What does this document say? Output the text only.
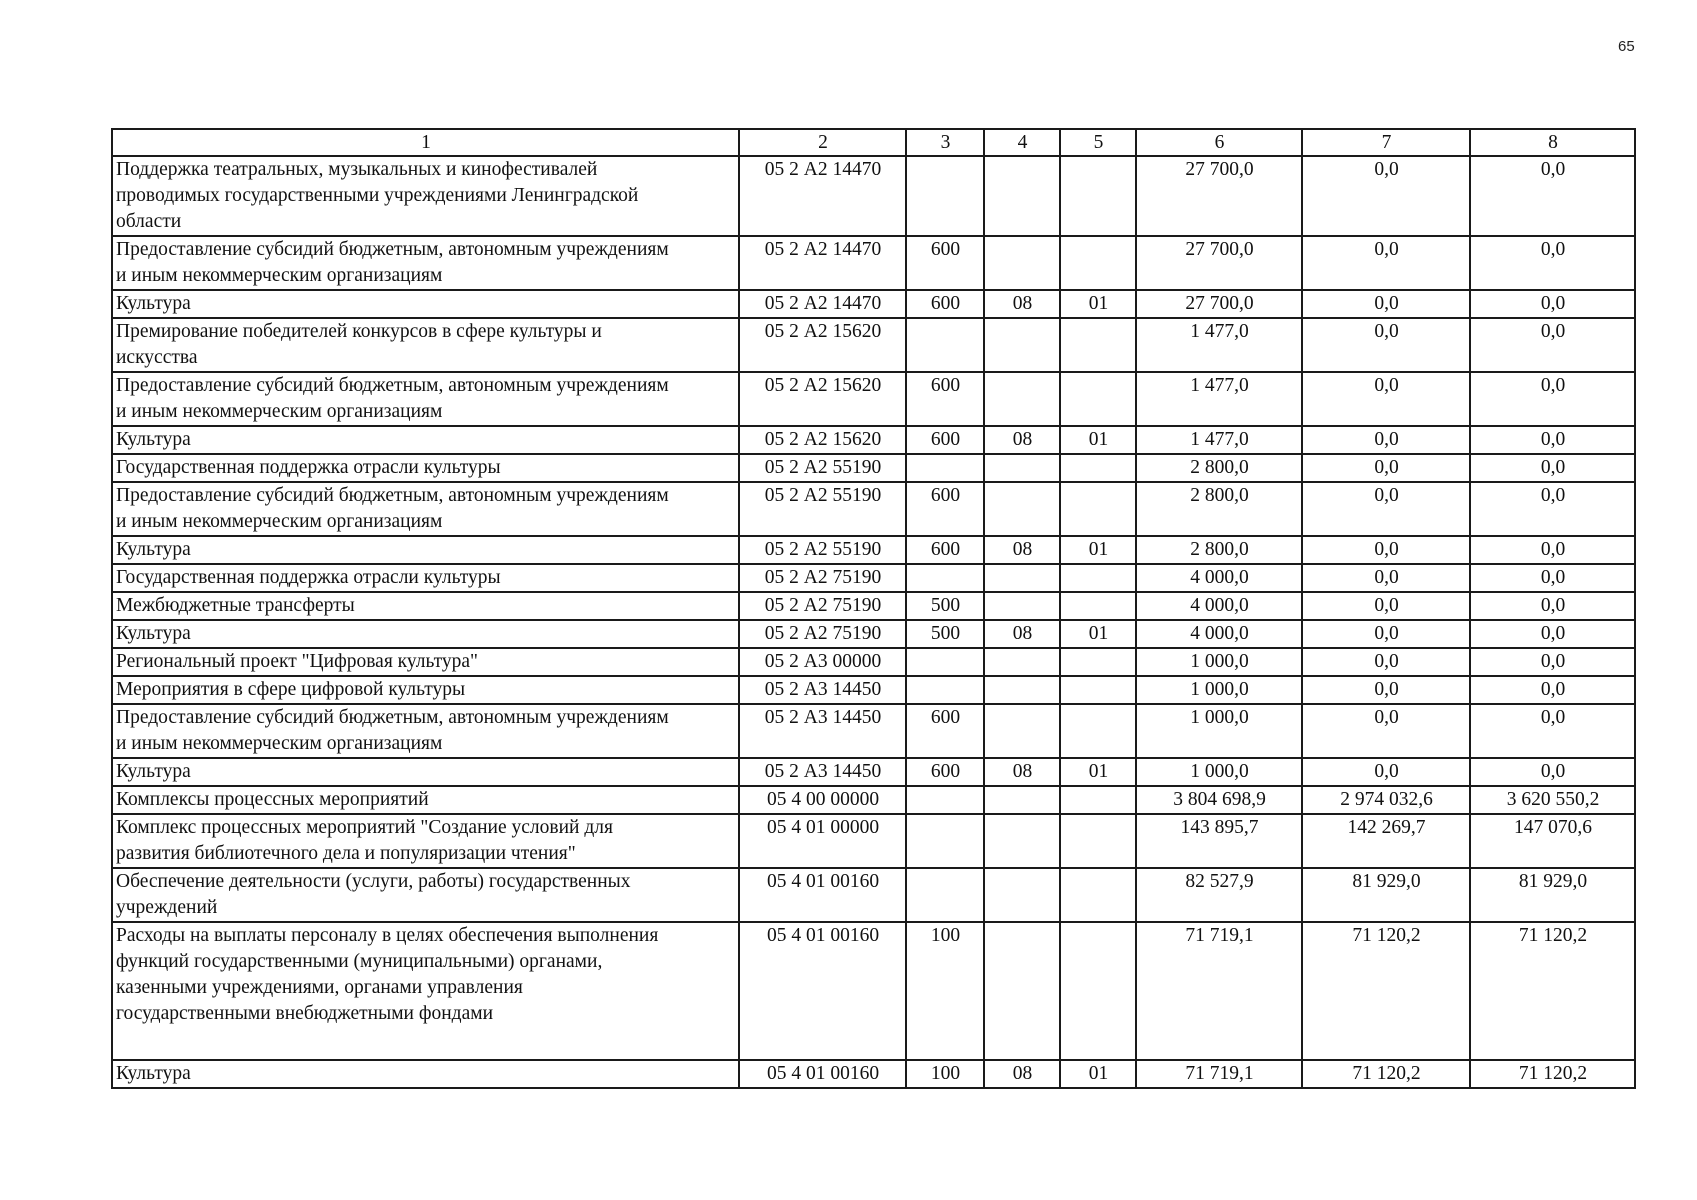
65
1	2	3	4	5	6	7	8
Поддержка театральных, музыкальных и кинофестивалей
проводимых государственными учреждениями Ленинградской
области	05 2 А2 14470				27 700,0	0,0	0,0
Предоставление субсидий бюджетным, автономным учреждениям
и иным некоммерческим организациям	05 2 А2 14470	600			27 700,0	0,0	0,0
Культура	05 2 А2 14470	600	08	01	27 700,0	0,0	0,0
Премирование победителей конкурсов в сфере культуры и
искусства	05 2 А2 15620				1 477,0	0,0	0,0
Предоставление субсидий бюджетным, автономным учреждениям
и иным некоммерческим организациям	05 2 А2 15620	600			1 477,0	0,0	0,0
Культура	05 2 А2 15620	600	08	01	1 477,0	0,0	0,0
Государственная поддержка отрасли культуры	05 2 А2 55190				2 800,0	0,0	0,0
Предоставление субсидий бюджетным, автономным учреждениям
и иным некоммерческим организациям	05 2 А2 55190	600			2 800,0	0,0	0,0
Культура	05 2 А2 55190	600	08	01	2 800,0	0,0	0,0
Государственная поддержка отрасли культуры	05 2 А2 75190				4 000,0	0,0	0,0
Межбюджетные трансферты	05 2 А2 75190	500			4 000,0	0,0	0,0
Культура	05 2 А2 75190	500	08	01	4 000,0	0,0	0,0
Региональный проект "Цифровая культура"	05 2 А3 00000				1 000,0	0,0	0,0
Мероприятия в сфере цифровой культуры	05 2 А3 14450				1 000,0	0,0	0,0
Предоставление субсидий бюджетным, автономным учреждениям
и иным некоммерческим организациям	05 2 А3 14450	600			1 000,0	0,0	0,0
Культура	05 2 А3 14450	600	08	01	1 000,0	0,0	0,0
Комплексы процессных мероприятий	05 4 00 00000				3 804 698,9	2 974 032,6	3 620 550,2
Комплекс процессных мероприятий "Создание условий для
развития библиотечного дела и популяризации чтения"	05 4 01 00000				143 895,7	142 269,7	147 070,6
Обеспечение деятельности (услуги, работы) государственных
учреждений	05 4 01 00160				82 527,9	81 929,0	81 929,0
Расходы на выплаты персоналу в целях обеспечения выполнения
функций государственными (муниципальными) органами,
казенными учреждениями, органами управления
государственными внебюджетными фондами	05 4 01 00160	100			71 719,1	71 120,2	71 120,2
Культура	05 4 01 00160	100	08	01	71 719,1	71 120,2	71 120,2
